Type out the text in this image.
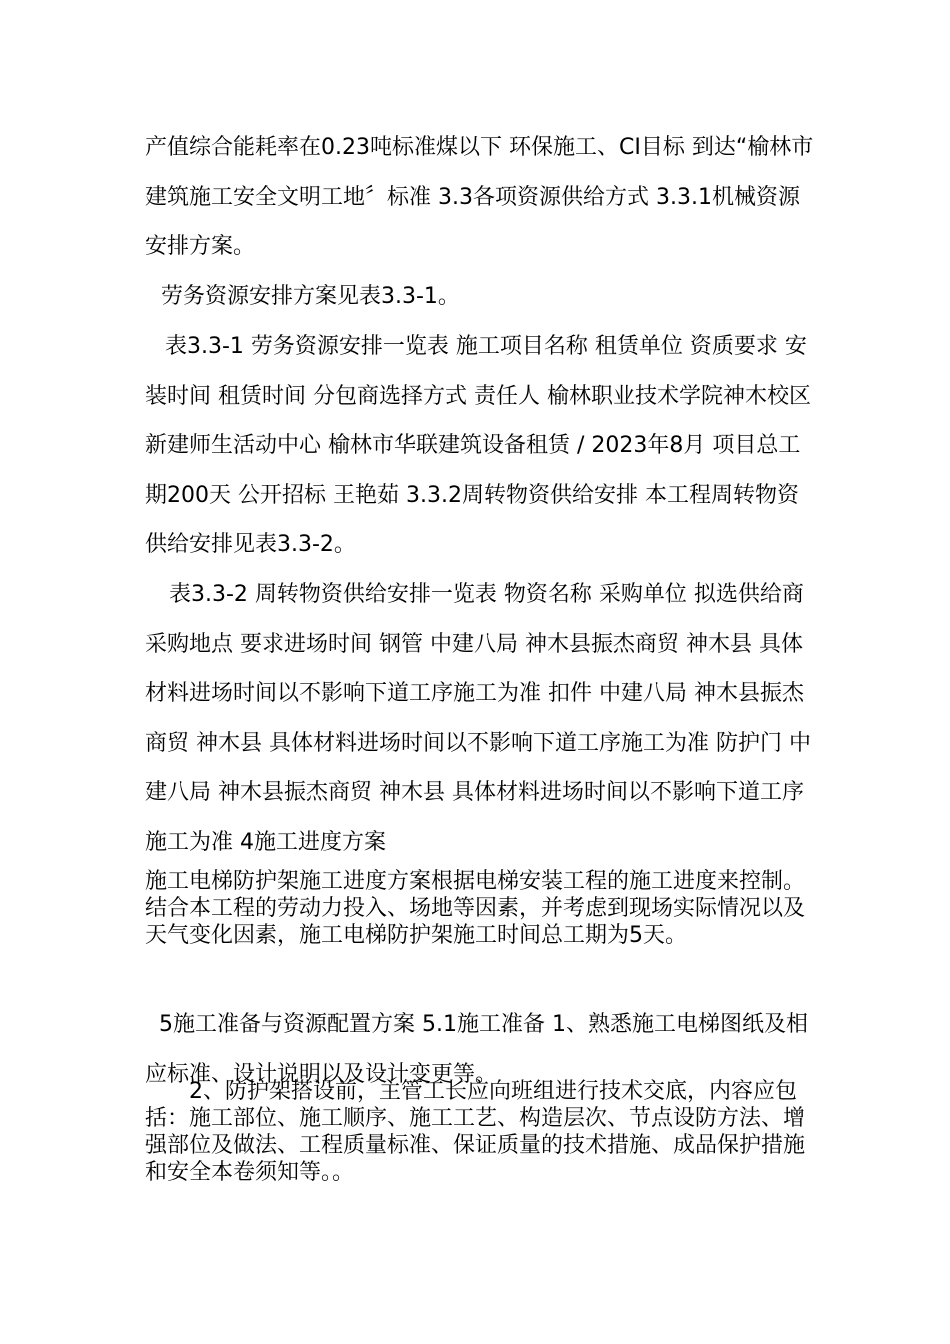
产值综合能耗率在0.23吨标准煤以下 环保施工、CI目标 到达“榆林市建筑施工安全文明工地〞标准 3.3各项资源供给方式 3.3.1机械资源安排方案。

劳务资源安排方案见表3.3-1。

表3.3-1 劳务资源安排一览表 施工项目名称 租赁单位 资质要求 安装时间 租赁时间 分包商选择方式 责任人 榆林职业技术学院神木校区新建师生活动中心 榆林市华联建筑设备租赁 / 2023年8月 项目总工期200天 公开招标 王艳茹 3.3.2周转物资供给安排 本工程周转物资供给安排见表3.3-2。

表3.3-2 周转物资供给安排一览表 物资名称 采购单位 拟选供给商 采购地点 要求进场时间 钢管 中建八局 神木县振杰商贸 神木县 具体材料进场时间以不影响下道工序施工为准 扣件 中建八局 神木县振杰商贸 神木县 具体材料进场时间以不影响下道工序施工为准 防护门 中建八局 神木县振杰商贸 神木县 具体材料进场时间以不影响下道工序施工为准 4施工进度方案

施工电梯防护架施工进度方案根据电梯安装工程的施工进度来控制。结合本工程的劳动力投入、场地等因素，并考虑到现场实际情况以及天气变化因素，施工电梯防护架施工时间总工期为5天。

5施工准备与资源配置方案 5.1施工准备 1、熟悉施工电梯图纸及相应标准、设计说明以及设计变更等。

2、防护架搭设前，主管工长应向班组进行技术交底，内容应包括：施工部位、施工顺序、施工工艺、构造层次、节点设防方法、增强部位及做法、工程质量标准、保证质量的技术措施、成品保护措施和安全本卷须知等。。
